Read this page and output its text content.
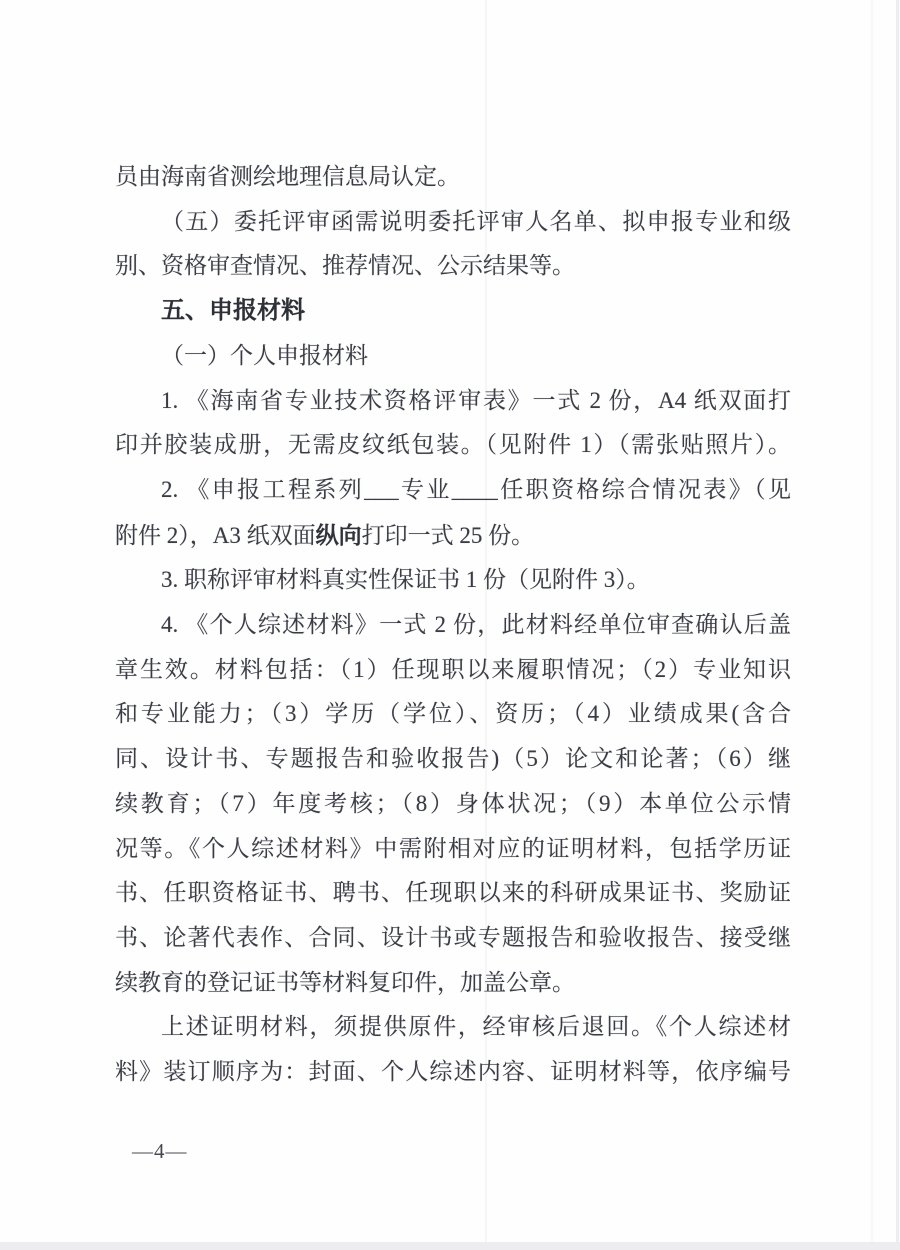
员由海南省测绘地理信息局认定。
（五）委托评审函需说明委托评审人名单、拟申报专业和级
别、资格审查情况、推荐情况、公示结果等。
五、申报材料
（一）个人申报材料
1. 《海南省专业技术资格评审表》一式 2 份，A4 纸双面打
印并胶装成册，无需皮纹纸包装。（见附件 1）（需张贴照片）。
2. 《申报工程系列___专业____任职资格综合情况表》（见
附件 2），A3 纸双面纵向打印一式 25 份。
3. 职称评审材料真实性保证书 1 份（见附件 3）。
4. 《个人综述材料》一式 2 份，此材料经单位审查确认后盖
章生效。材料包括：（1）任现职以来履职情况；（2）专业知识
和专业能力；（3）学历（学位）、资历；（4）业绩成果(含合
同、设计书、专题报告和验收报告)（5）论文和论著；（6）继
续教育；（7）年度考核；（8）身体状况；（9）本单位公示情
况等。《个人综述材料》中需附相对应的证明材料，包括学历证
书、任职资格证书、聘书、任现职以来的科研成果证书、奖励证
书、论著代表作、合同、设计书或专题报告和验收报告、接受继
续教育的登记证书等材料复印件，加盖公章。
上述证明材料，须提供原件，经审核后退回。《个人综述材
料》装订顺序为：封面、个人综述内容、证明材料等，依序编号
—4—
